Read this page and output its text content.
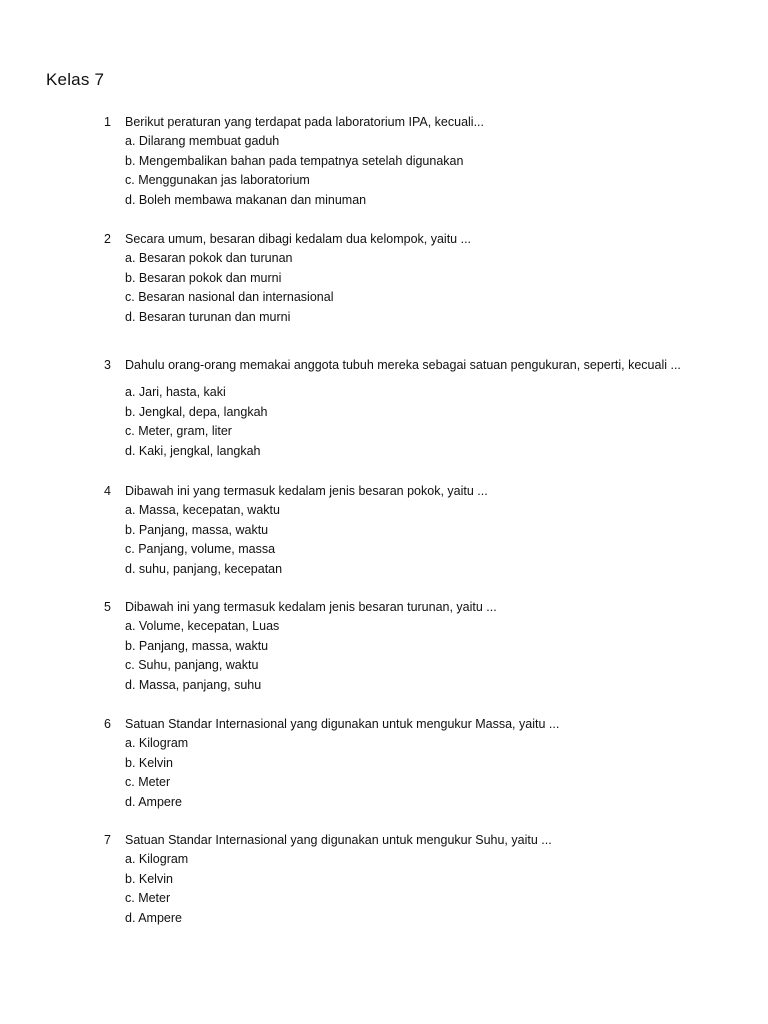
Kelas 7
1 Berikut peraturan yang terdapat pada laboratorium IPA, kecuali...
a. Dilarang membuat gaduh
b. Mengembalikan bahan pada tempatnya setelah digunakan
c. Menggunakan jas laboratorium
d. Boleh membawa makanan dan minuman
2 Secara umum, besaran dibagi kedalam dua kelompok, yaitu ...
a. Besaran pokok dan turunan
b. Besaran pokok dan murni
c. Besaran nasional dan internasional
d. Besaran turunan dan murni
3 Dahulu orang-orang memakai anggota tubuh mereka sebagai satuan pengukuran, seperti, kecuali ...
a. Jari, hasta, kaki
b. Jengkal, depa, langkah
c. Meter, gram, liter
d. Kaki, jengkal, langkah
4 Dibawah ini yang termasuk kedalam jenis besaran pokok, yaitu ...
a. Massa, kecepatan, waktu
b. Panjang, massa, waktu
c. Panjang, volume, massa
d. suhu, panjang, kecepatan
5 Dibawah ini yang termasuk kedalam jenis besaran turunan, yaitu ...
a. Volume, kecepatan, Luas
b. Panjang, massa, waktu
c. Suhu, panjang, waktu
d. Massa, panjang, suhu
6 Satuan Standar Internasional yang digunakan untuk mengukur Massa, yaitu ...
a. Kilogram
b. Kelvin
c. Meter
d. Ampere
7 Satuan Standar Internasional yang digunakan untuk mengukur Suhu, yaitu ...
a. Kilogram
b. Kelvin
c. Meter
d. Ampere
